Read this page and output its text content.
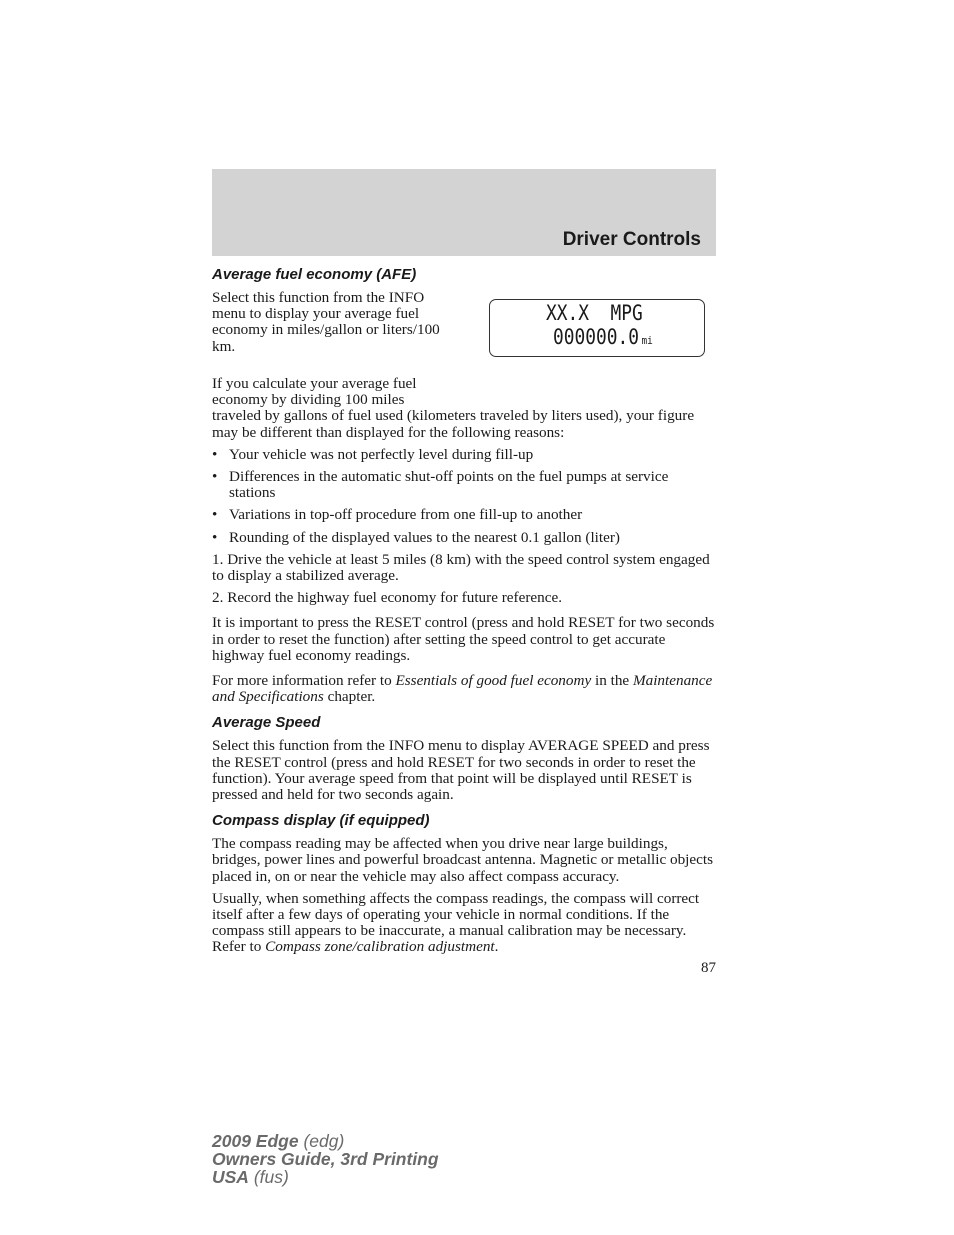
Driver Controls
Average fuel economy (AFE)

Select this function from the INFO menu to display your average fuel economy in miles/gallon or liters/100 km.

XX.X  MPG
000000.0 mi

If you calculate your average fuel economy by dividing 100 miles
traveled by gallons of fuel used (kilometers traveled by liters used), your figure may be different than displayed for the following reasons:

• Your vehicle was not perfectly level during fill-up
• Differences in the automatic shut-off points on the fuel pumps at service stations
• Variations in top-off procedure from one fill-up to another
• Rounding of the displayed values to the nearest 0.1 gallon (liter)

1. Drive the vehicle at least 5 miles (8 km) with the speed control system engaged to display a stabilized average.

2. Record the highway fuel economy for future reference.

It is important to press the RESET control (press and hold RESET for two seconds in order to reset the function) after setting the speed control to get accurate highway fuel economy readings.

For more information refer to Essentials of good fuel economy in the Maintenance and Specifications chapter.

Average Speed

Select this function from the INFO menu to display AVERAGE SPEED and press the RESET control (press and hold RESET for two seconds in order to reset the function). Your average speed from that point will be displayed until RESET is pressed and held for two seconds again.

Compass display (if equipped)

The compass reading may be affected when you drive near large buildings, bridges, power lines and powerful broadcast antenna. Magnetic or metallic objects placed in, on or near the vehicle may also affect compass accuracy.

Usually, when something affects the compass readings, the compass will correct itself after a few days of operating your vehicle in normal conditions. If the compass still appears to be inaccurate, a manual calibration may be necessary. Refer to Compass zone/calibration adjustment.

87
2009 Edge (edg)
Owners Guide, 3rd Printing
USA (fus)
